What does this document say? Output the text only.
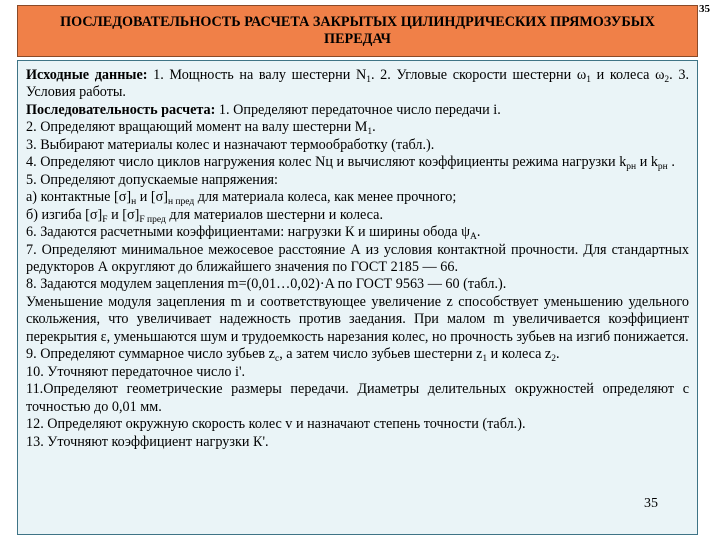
35
ПОСЛЕДОВАТЕЛЬНОСТЬ РАСЧЕТА ЗАКРЫТЫХ ЦИЛИНДРИЧЕСКИХ ПРЯМОЗУБЫХ ПЕРЕДАЧ

Исходные данные: 1. Мощность на валу шестерни $N_1$. 2. Угловые скорости шестерни $\omega_1$ и колеса $\omega_2$. 3. Условия работы.

Последовательность расчета: 1. Определяют передаточное число передачи i.

2. Определяют вращающий момент на валу шестерни $M_1$.

3. Выбирают материалы колес и назначают термообработку (табл.).

4. Определяют число циклов нагружения колес Nц и вычисляют коэффициенты режима нагрузки $k_{рн}$ и $k_{рн}$ .

5. Определяют допускаемые напряжения:

а) контактные $[\sigma]_н$ и $[\sigma]_{н пред}$ для материала колеса, как менее прочного;

б) изгиба $[\sigma]_F$ и $[\sigma]_{F пред}$ для материалов шестерни и колеса.

6. Задаются расчетными коэффициентами: нагрузки К и ширины обода $\psi_A$.

7. Определяют минимальное межосевое расстояние А из условия контактной прочности. Для стандартных редукторов А округляют до ближайшего значения по ГОСТ 2185 — 66.

8. Задаются модулем зацепления m=(0,01…0,02)·A по ГОСТ 9563 — 60 (табл.).

Уменьшение модуля зацепления m и соответствующее увеличение z способствует уменьшению удельного скольжения, что увеличивает надежность против заедания. При малом m увеличивается коэффициент перекрытия ε, уменьшаются шум и трудоемкость нарезания колес, но прочность зубьев на изгиб понижается.

9. Определяют суммарное число зубьев $z_c$, а затем число зубьев шестерни $z_1$ и колеса $z_2$.

10. Уточняют передаточное число i'.

11.Определяют геометрические размеры передачи. Диаметры делительных окружностей определяют с точностью до 0,01 мм.

12. Определяют окружную скорость колес v и назначают степень точности (табл.).

13. Уточняют коэффициент нагрузки К'.

35
